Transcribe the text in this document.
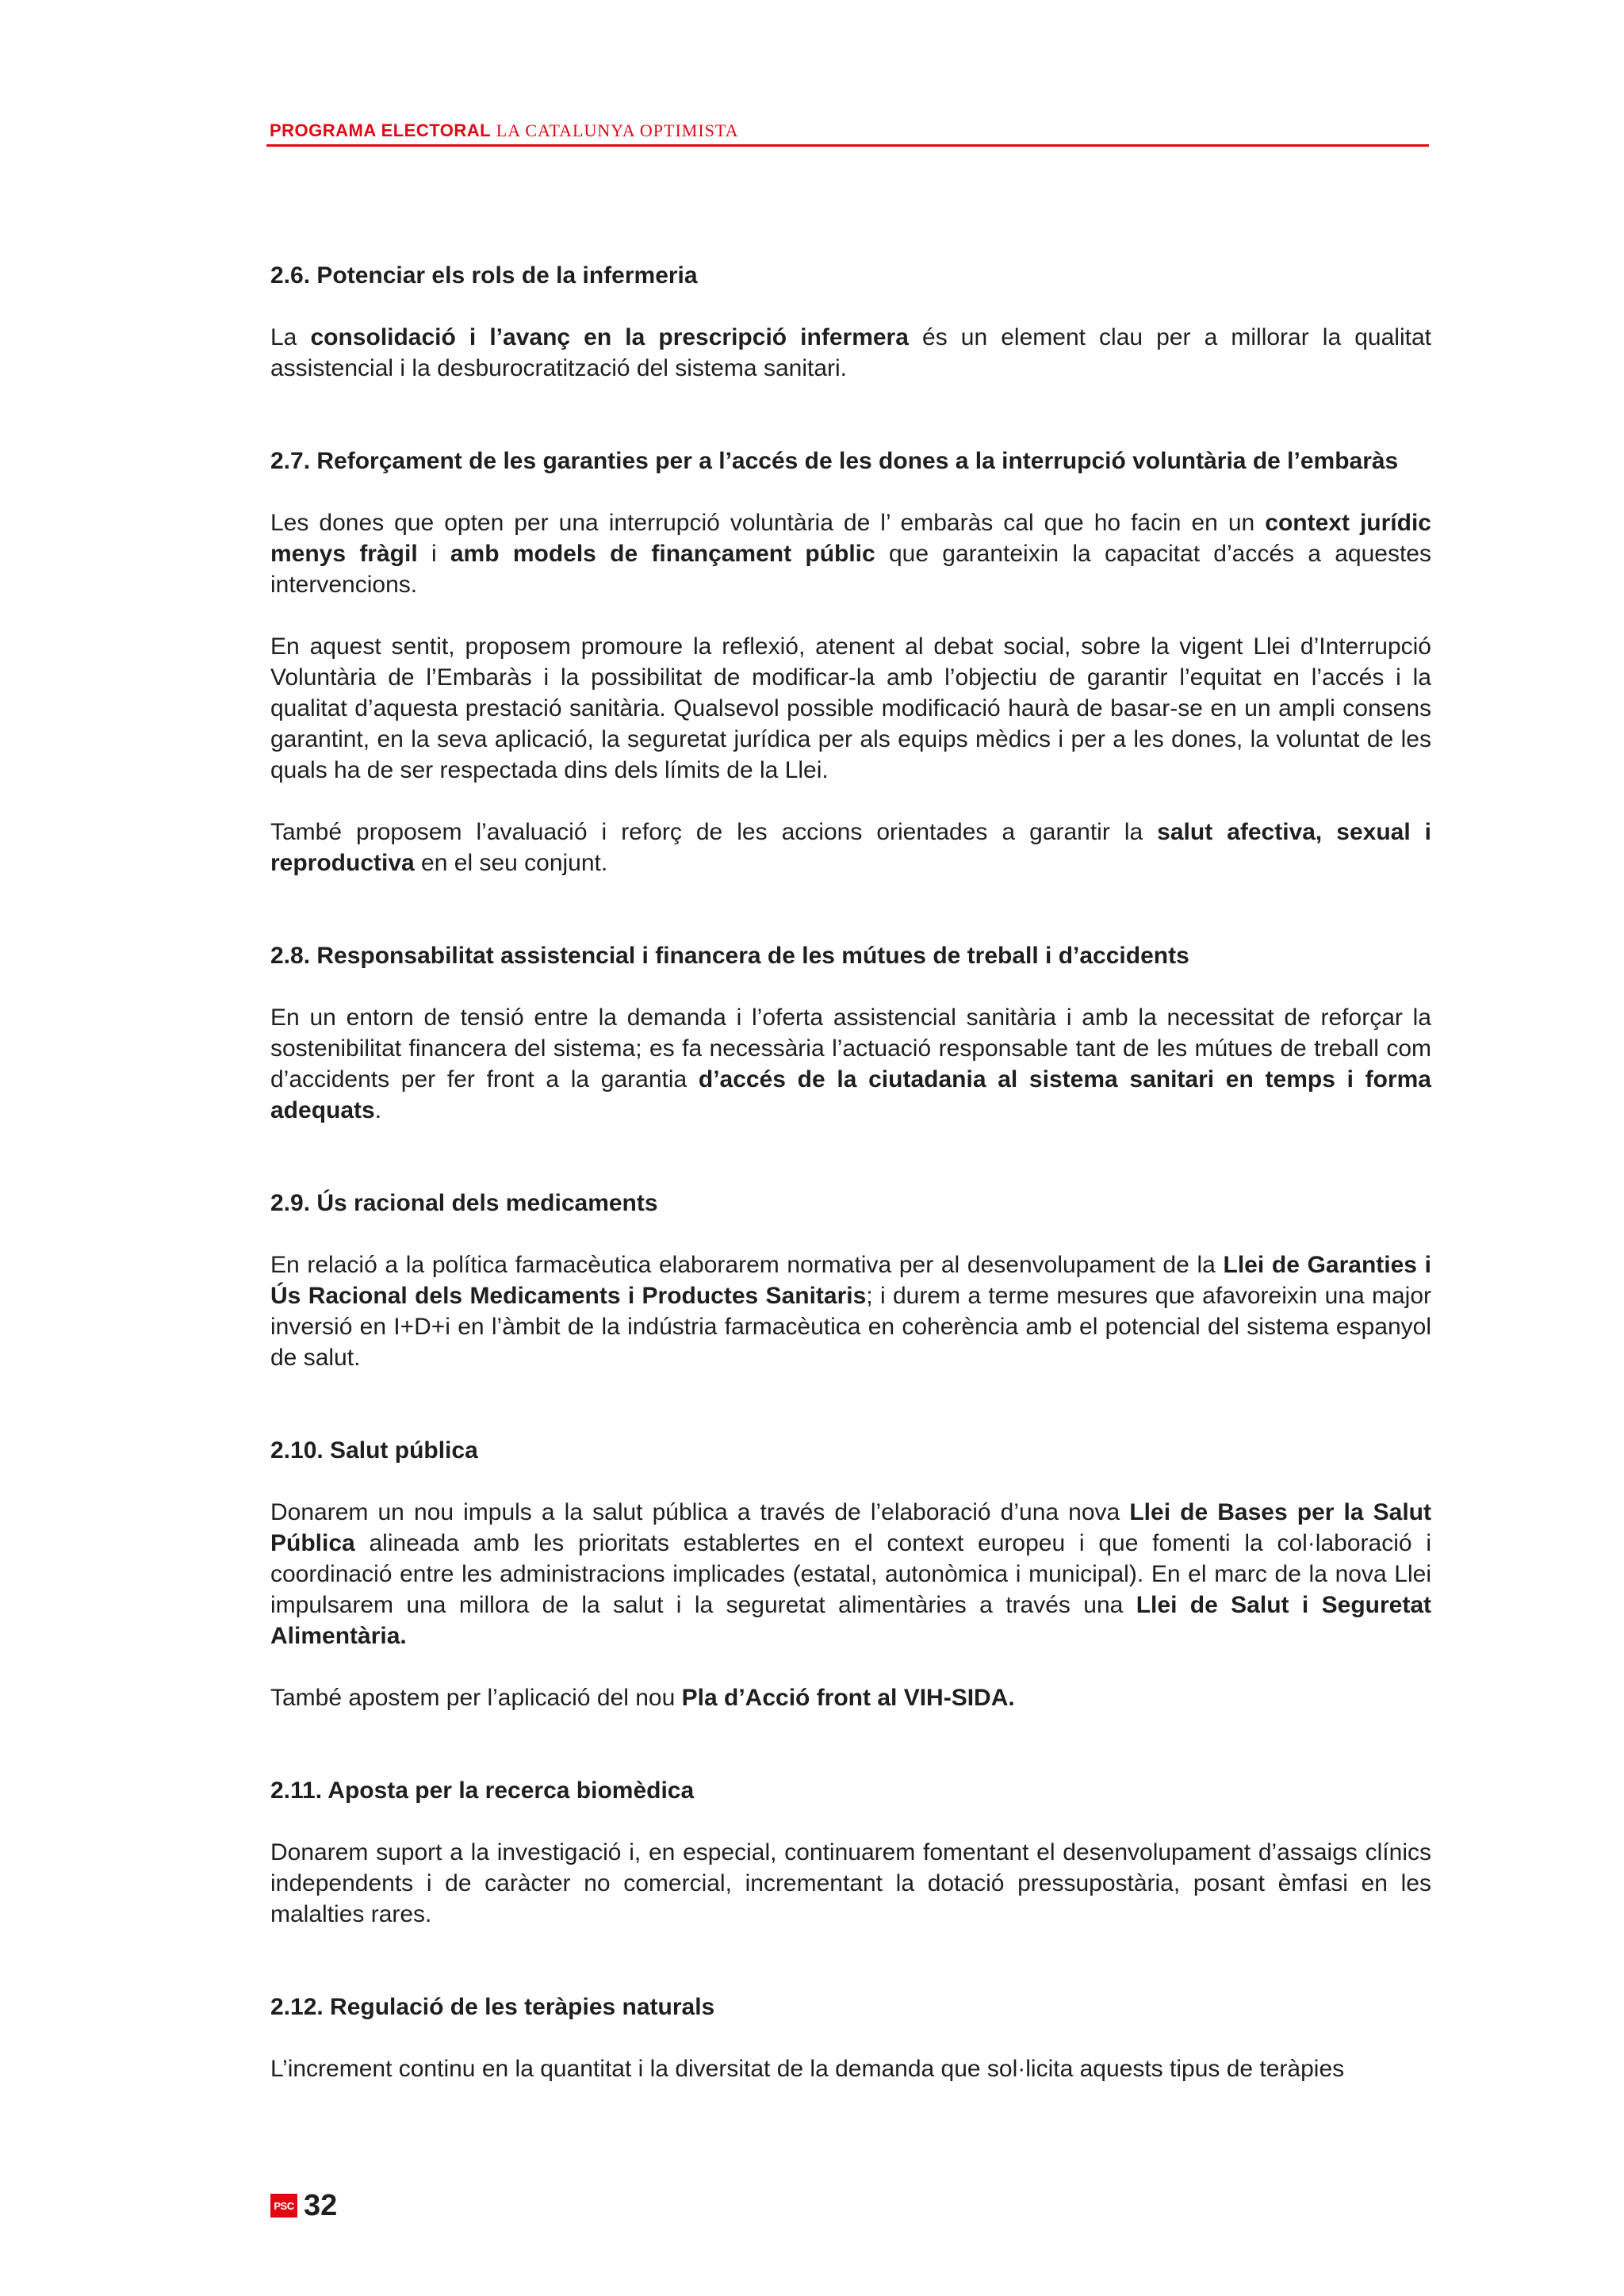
PROGRAMA ELECTORAL LA CATALUNYA OPTIMISTA
2.6. Potenciar els rols de la infermeria

La consolidació i l’avanç en la prescripció infermera és un element clau per a millorar la qualitat assistencial i la desburocratització del sistema sanitari.

2.7. Reforçament de les garanties per a l’accés de les dones a la interrupció voluntària de l’embaràs

Les dones que opten per una interrupció voluntària de l’ embaràs cal que ho facin en un context jurídic menys fràgil i amb models de finançament públic que garanteixin la capacitat d’accés a aquestes intervencions.

En aquest sentit, proposem promoure la reflexió, atenent al debat social, sobre la vigent Llei d’Interrupció Voluntària de l’Embaràs i la possibilitat de modificar-la amb l’objectiu de garantir l’equitat en l’accés i la qualitat d’aquesta prestació sanitària. Qualsevol possible modificació haurà de basar-se en un ampli consens garantint, en la seva aplicació, la seguretat jurídica per als equips mèdics i per a les dones, la voluntat de les quals ha de ser respectada dins dels límits de la Llei.

També proposem l’avaluació i reforç de les accions orientades a garantir la salut afectiva, sexual i reproductiva en el seu conjunt.

2.8. Responsabilitat assistencial i financera de les mútues de treball i d’accidents

En un entorn de tensió entre la demanda i l’oferta assistencial sanitària i amb la necessitat de reforçar la sostenibilitat financera del sistema; es fa necessària l’actuació responsable tant de les mútues de treball com d’accidents per fer front a la garantia d’accés de la ciutadania al sistema sanitari en temps i forma adequats.

2.9. Ús racional dels medicaments

En relació a la política farmacèutica elaborarem normativa per al desenvolupament de la Llei de Garanties i Ús Racional dels Medicaments i Productes Sanitaris; i durem a terme mesures que afavoreixin una major inversió en I+D+i en l’àmbit de la indústria farmacèutica en coherència amb el potencial del sistema espanyol de salut.

2.10. Salut pública

Donarem un nou impuls a la salut pública a través de l’elaboració d’una nova Llei de Bases per la Salut Pública alineada amb les prioritats establertes en el context europeu i que fomenti la col·laboració i coordinació entre les administracions implicades (estatal, autonòmica i municipal). En el marc de la nova Llei impulsarem una millora de la salut i la seguretat alimentàries a través una Llei de Salut i Seguretat Alimentària.

També apostem per l’aplicació del nou Pla d’Acció front al VIH-SIDA.

2.11. Aposta per la recerca biomèdica

Donarem suport a la investigació i, en especial, continuarem fomentant el desenvolupament d’assaigs clínics independents i de caràcter no comercial, incrementant la dotació pressupostària, posant èmfasi en les malalties rares.

2.12. Regulació de les teràpies naturals

L’increment continu en la quantitat i la diversitat de la demanda que sol·licita aquests tipus de teràpies

PSC 32
